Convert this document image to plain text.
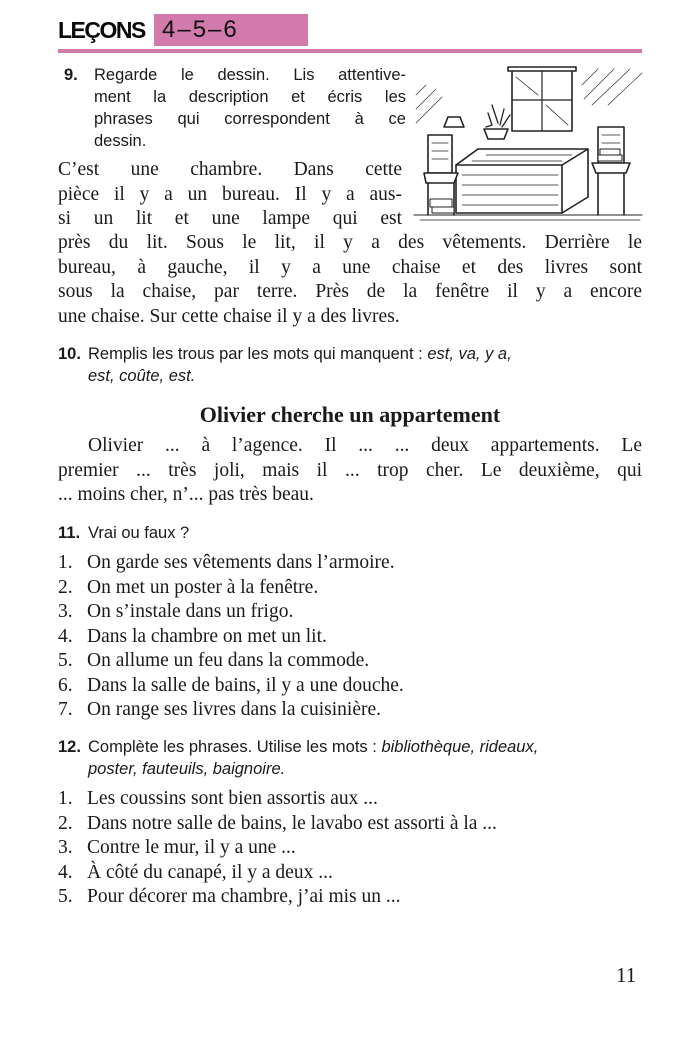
LEÇONS 4–5–6
9. Regarde le dessin. Lis attentive-
ment la description et écris les
phrases qui correspondent à ce
dessin.
C’est une chambre. Dans cette
pièce il y a un bureau. Il y a aus-
si un lit et une lampe qui est
près du lit. Sous le lit, il y a des vêtements. Derrière le
bureau, à gauche, il y a une chaise et des livres sont
sous la chaise, par terre. Près de la fenêtre il y a encore
une chaise. Sur cette chaise il y a des livres.
10. Remplis les trous par les mots qui manquent : est, va, y a,
est, coûte, est.
Olivier cherche un appartement
Olivier ... à l’agence. Il ... ... deux appartements. Le
premier ... très joli, mais il ... trop cher. Le deuxième, qui
... moins cher, n’... pas très beau.
11. Vrai ou faux ?
1. On garde ses vêtements dans l’armoire.
2. On met un poster à la fenêtre.
3. On s’instale dans un frigo.
4. Dans la chambre on met un lit.
5. On allume un feu dans la commode.
6. Dans la salle de bains, il y a une douche.
7. On range ses livres dans la cuisinière.
12. Complète les phrases. Utilise les mots : bibliothèque, rideaux,
poster, fauteuils, baignoire.
1. Les coussins sont bien assortis aux ...
2. Dans notre salle de bains, le lavabo est assorti à la ...
3. Contre le mur, il y a une ...
4. À côté du canapé, il y a deux ...
5. Pour décorer ma chambre, j’ai mis un ...
11
